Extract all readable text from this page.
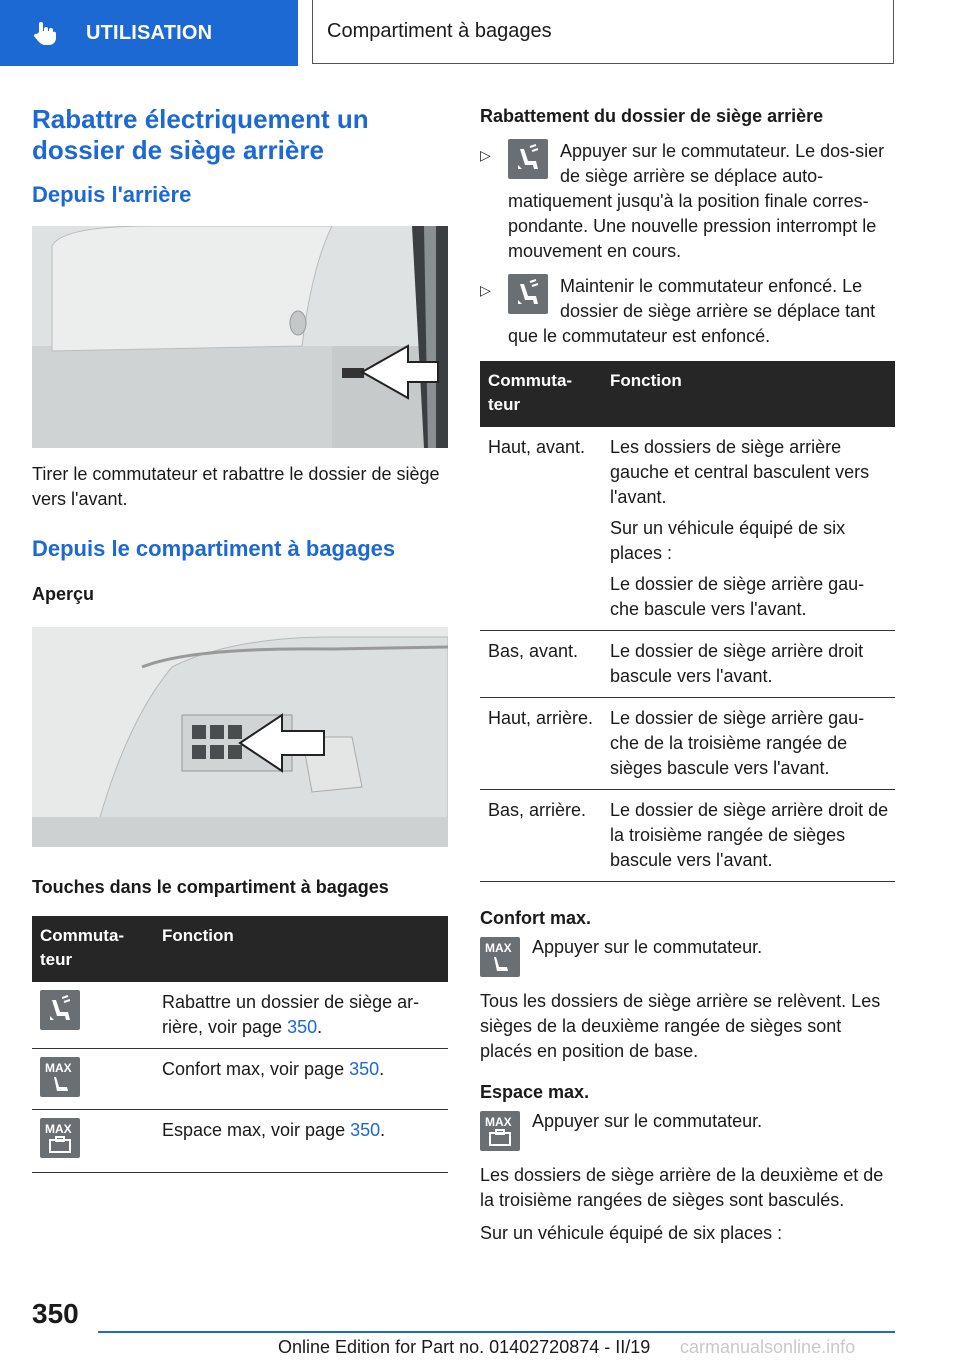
UTILISATION	Compartiment à bagages
Rabattre électriquement un dossier de siège arrière
Depuis l'arrière

Tirer le commutateur et rabattre le dossier de siège vers l'avant.

Depuis le compartiment à bagages
Aperçu
Touches dans le compartiment à bagages
Commuta-teur	Fonction

	Rabattre un dossier de siège ar-rière, voir page 350.

MAX	Confort max, voir page 350.

MAX	Espace max, voir page 350.
Rabattement du dossier de siège arrière
▷	Appuyer sur le commutateur. Le dos-sier de siège arrière se déplace auto-matiquement jusqu'à la position finale corres-pondante. Une nouvelle pression interrompt le mouvement en cours.
▷	Maintenir le commutateur enfoncé. Le dossier de siège arrière se déplace tant que le commutateur est enfoncé.
Commuta-teur	Fonction
Haut, avant.	Les dossiers de siège arrière gauche et central basculent vers l'avant.
Sur un véhicule équipé de six places :
Le dossier de siège arrière gau-che bascule vers l'avant.

Bas, avant.	Le dossier de siège arrière droit bascule vers l'avant.
Haut, arrière.	Le dossier de siège arrière gau-che de la troisième rangée de sièges bascule vers l'avant.
Bas, arrière.	Le dossier de siège arrière droit de la troisième rangée de sièges bascule vers l'avant.
Confort max.
MAX Appuyer sur le commutateur.

Tous les dossiers de siège arrière se relèvent. Les sièges de la deuxième rangée de sièges sont placés en position de base.

Espace max.
MAX Appuyer sur le commutateur.

Les dossiers de siège arrière de la deuxième et de la troisième rangées de sièges sont basculés.

Sur un véhicule équipé de six places :

350
Online Edition for Part no. 01402720874 - II/19 carmanualsonline.info
